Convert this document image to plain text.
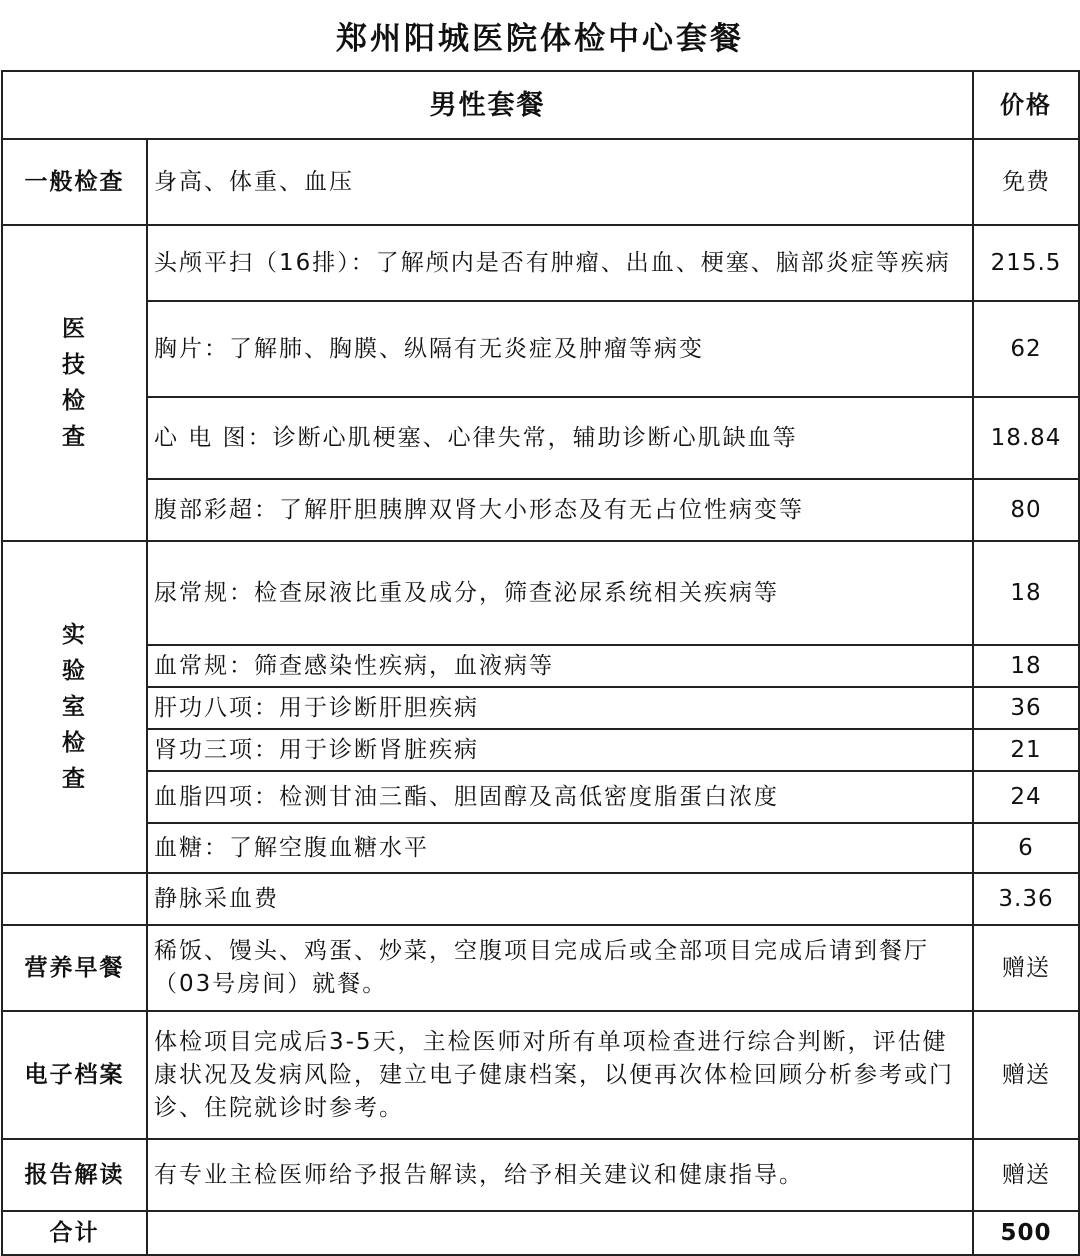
郑州阳城医院体检中心套餐
男性套餐		价格
一般检查	身高、体重、血压	免费
医技检查	头颅平扫（16排）：了解颅内是否有肿瘤、出血、梗塞、脑部炎症等疾病	215.5
	胸片：了解肺、胸膜、纵隔有无炎症及肿瘤等病变	62
	心 电 图：诊断心肌梗塞、心律失常，辅助诊断心肌缺血等	18.84
	腹部彩超：了解肝胆胰脾双肾大小形态及有无占位性病变等	80
实验室检查	尿常规：检查尿液比重及成分，筛查泌尿系统相关疾病等	18
	血常规：筛查感染性疾病，血液病等	18
	肝功八项：用于诊断肝胆疾病	36
	肾功三项：用于诊断肾脏疾病	21
	血脂四项：检测甘油三酯、胆固醇及高低密度脂蛋白浓度	24
	血糖：了解空腹血糖水平	6
	静脉采血费	3.36
营养早餐	稀饭、馒头、鸡蛋、炒菜，空腹项目完成后或全部项目完成后请到餐厅（03号房间）就餐。	赠送
电子档案	体检项目完成后3-5天，主检医师对所有单项检查进行综合判断，评估健康状况及发病风险，建立电子健康档案，以便再次体检回顾分析参考或门诊、住院就诊时参考。	赠送
报告解读	有专业主检医师给予报告解读，给予相关建议和健康指导。	赠送
合计		500
